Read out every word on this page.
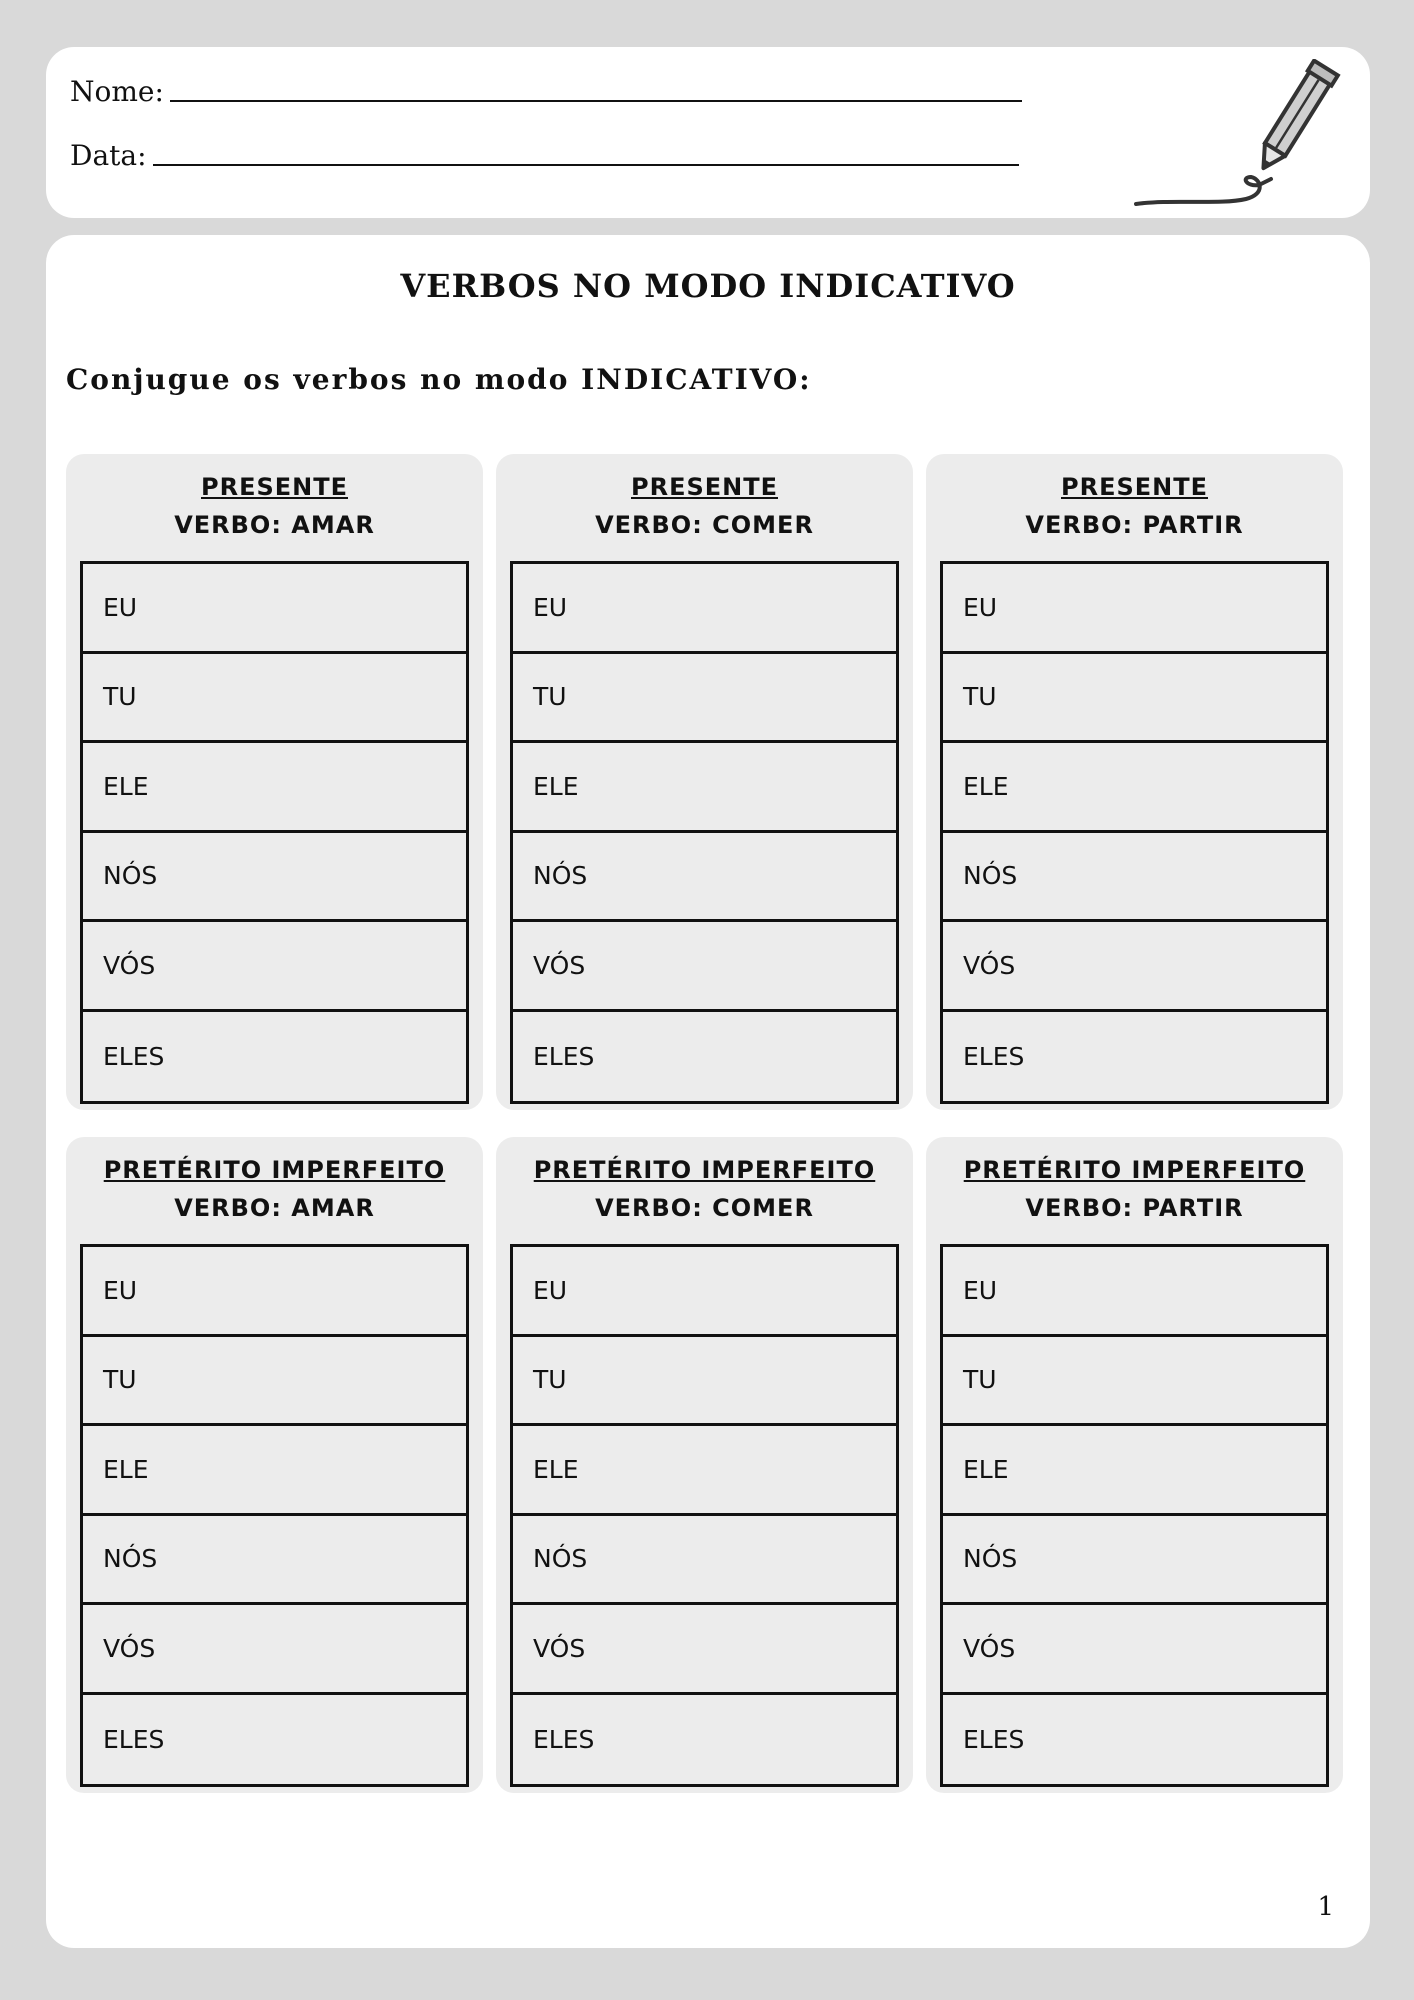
Nome:
Data:
VERBOS NO MODO INDICATIVO
Conjugue os verbos no modo INDICATIVO:
PRESENTE
VERBO: AMAR
EU
TU
ELE
NÓS
VÓS
ELES
PRESENTE
VERBO: COMER
EU
TU
ELE
NÓS
VÓS
ELES
PRESENTE
VERBO: PARTIR
EU
TU
ELE
NÓS
VÓS
ELES
PRETÉRITO IMPERFEITO
VERBO: AMAR
EU
TU
ELE
NÓS
VÓS
ELES
PRETÉRITO IMPERFEITO
VERBO: COMER
EU
TU
ELE
NÓS
VÓS
ELES
PRETÉRITO IMPERFEITO
VERBO: PARTIR
EU
TU
ELE
NÓS
VÓS
ELES
1
